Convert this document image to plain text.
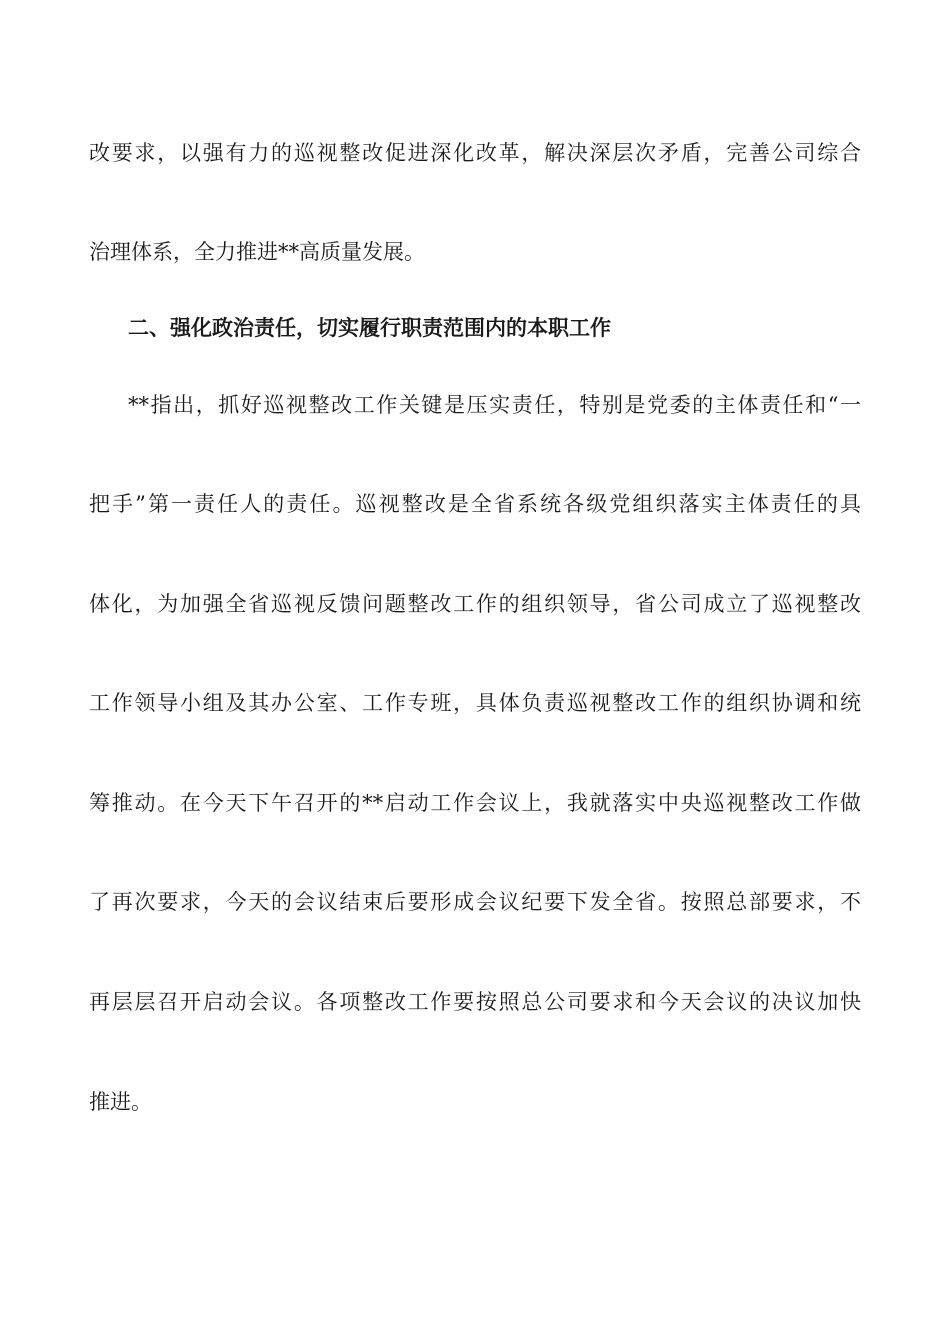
改要求，以强有力的巡视整改促进深化改革，解决深层次矛盾，完善公司综合
治理体系，全力推进**高质量发展。
二、强化政治责任，切实履行职责范围内的本职工作
**指出，抓好巡视整改工作关键是压实责任，特别是党委的主体责任和“一
把手”第一责任人的责任。巡视整改是全省系统各级党组织落实主体责任的具
体化，为加强全省巡视反馈问题整改工作的组织领导，省公司成立了巡视整改
工作领导小组及其办公室、工作专班，具体负责巡视整改工作的组织协调和统
筹推动。在今天下午召开的**启动工作会议上，我就落实中央巡视整改工作做
了再次要求，今天的会议结束后要形成会议纪要下发全省。按照总部要求，不
再层层召开启动会议。各项整改工作要按照总公司要求和今天会议的决议加快
推进。
